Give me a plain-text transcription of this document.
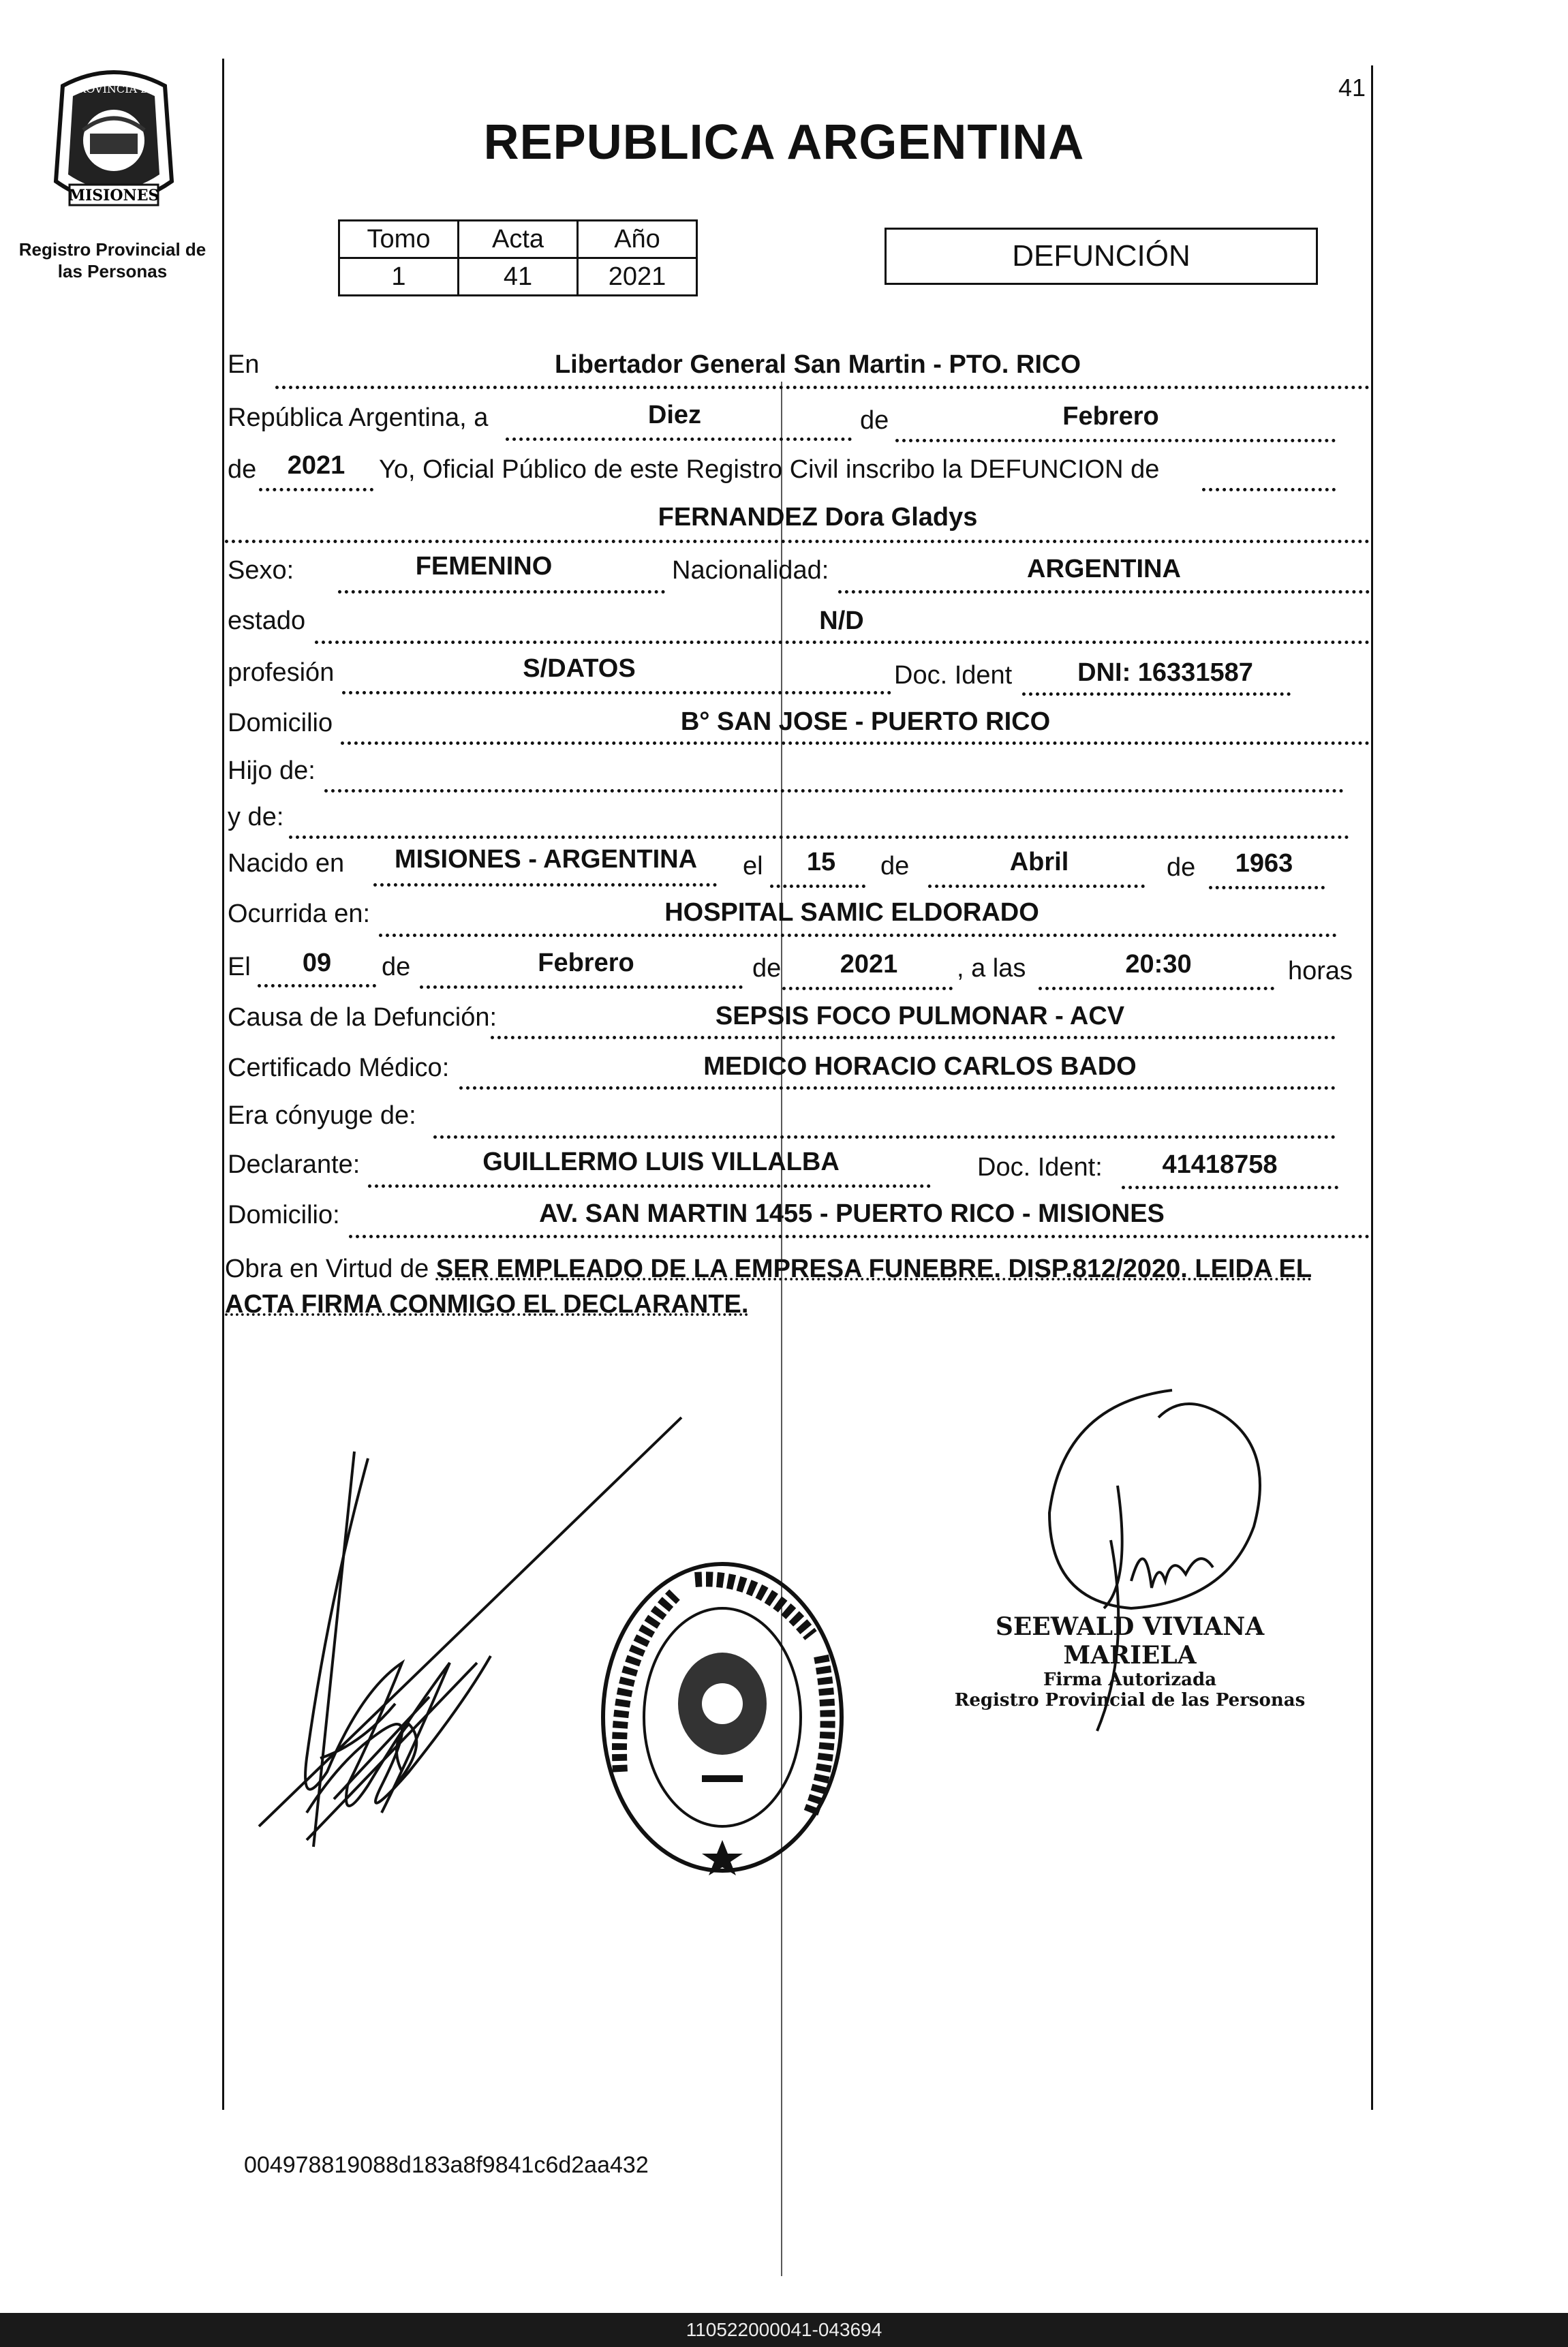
MISIONES
PROVINCIA DE
Registro Provincial de
las Personas
41
REPUBLICA ARGENTINA
Tomo	Acta	Año
1	41	2021
DEFUNCIÓN
En	Libertador General San Martin - PTO. RICO
República Argentina, a	Diez	de	Febrero
de	2021	Yo, Oficial Público de este Registro Civil inscribo la DEFUNCION de
FERNANDEZ Dora Gladys
Sexo:	FEMENINO	Nacionalidad:	ARGENTINA
estado	N/D
profesión	S/DATOS	Doc. Ident	DNI: 16331587
Domicilio	B° SAN JOSE - PUERTO RICO
Hijo de:
y de:
Nacido en	MISIONES - ARGENTINA	el	15	de	Abril	de	1963
Ocurrida en:	HOSPITAL SAMIC ELDORADO
El	09	de	Febrero	de	2021	, a las	20:30	horas
Causa de la Defunción:	SEPSIS FOCO PULMONAR - ACV
Certificado Médico:	MEDICO HORACIO CARLOS BADO
Era cónyuge de:
Declarante:	GUILLERMO LUIS VILLALBA	Doc. Ident:	41418758
Domicilio:	AV. SAN MARTIN 1455 - PUERTO RICO - MISIONES
Obra en Virtud de SER EMPLEADO DE LA EMPRESA FUNEBRE. DISP.812/2020. LEIDA EL ACTA FIRMA CONMIGO EL DECLARANTE.
SEEWALD VIVIANA MARIELA
Firma Autorizada
Registro Provincial de las Personas
004978819088d183a8f9841c6d2aa432
110522000041-043694
